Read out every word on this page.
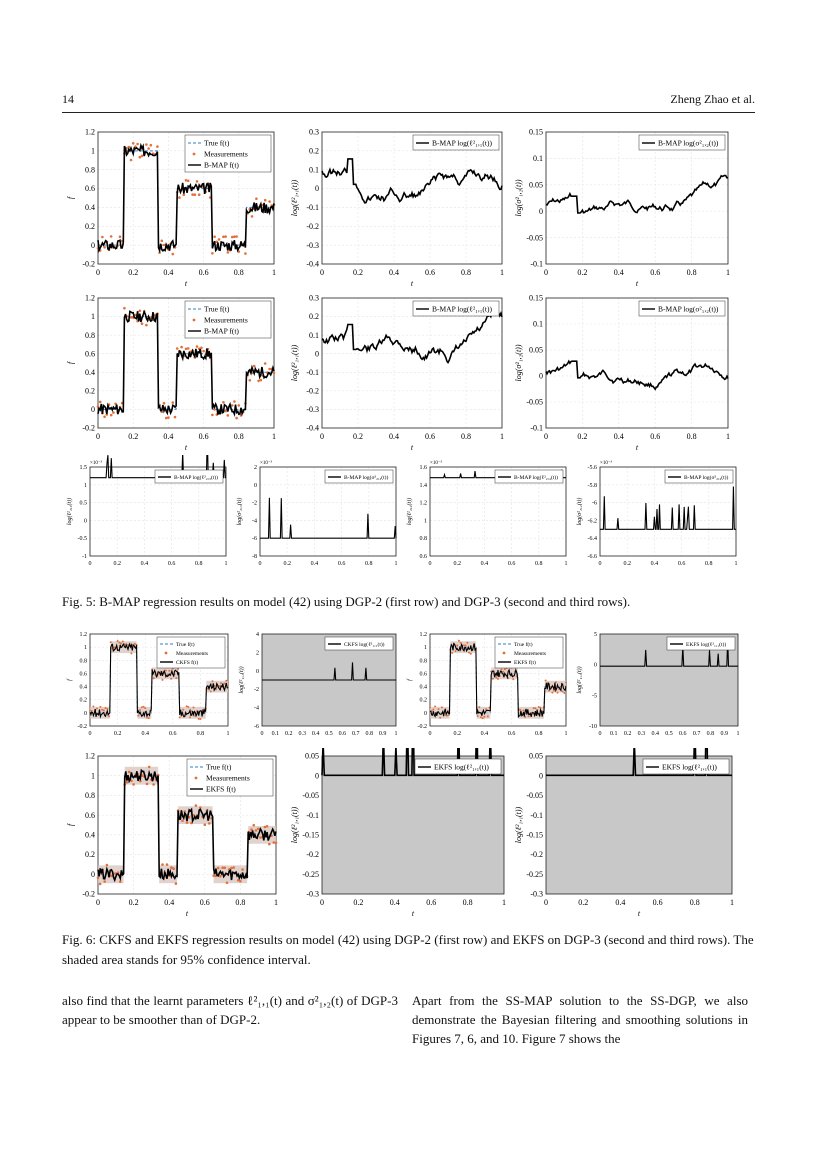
14	Zheng Zhao et al.
0	0.2	0.4	0.6	0.8	1
1.2
1
0.8
0.6
0.4
0.2
0
-0.2
t
f
True f(t)
Measurements
B-MAP f(t)
0	0.2	0.4	0.6	0.8	1
0.3
0.2
0.1
0
-0.1
-0.2
-0.3
-0.4
t
log(ℓ²₁,₁(t))
B-MAP log(ℓ²₁,₁(t))
0	0.2	0.4	0.6	0.8	1
0.15
0.1
0.05
0
-0.05
-0.1
t
log(σ²₁,₂(t))
B-MAP log(σ²₁,₂(t))
0	0.2	0.4	0.6	0.8	1
1.2
1
0.8
0.6
0.4
0.2
0
-0.2
t
f
True f(t)
Measurements
B-MAP f(t)
0	0.2	0.4	0.6	0.8	1
0.3
0.2
0.1
0
-0.1
-0.2
-0.3
-0.4
t
log(ℓ²₁,₁(t))
B-MAP log(ℓ²₁,₁(t))
0	0.2	0.4	0.6	0.8	1
0.15
0.1
0.05
0
-0.05
-0.1
t
log(σ²₁,₂(t))
B-MAP log(σ²₁,₂(t))
0	0.2	0.4	0.6	0.8	1
1.5
1
0.5
0
-0.5
-1
×10⁻³
log(ℓ²₂,₃(t))
B-MAP log(ℓ²₂,₃(t))
0	0.2	0.4	0.6	0.8	1
2
0
-2
-4
-6
-8
×10⁻³
log(σ²₂,₃(t))
B-MAP log(σ²₂,₃(t))
0	0.2	0.4	0.6	0.8	1
1.6
1.4
1.2
1
0.8
0.6
×10⁻³
log(ℓ²₂,₄(t))
B-MAP log(ℓ²₂,₄(t))
0	0.2	0.4	0.6	0.8	1
-5.6
-5.8
-6
-6.2
-6.4
-6.6
×10⁻³
log(σ²₂,₄(t))
B-MAP log(σ²₂,₄(t))
Fig. 5: B-MAP regression results on model (42) using DGP-2 (first row) and DGP-3 (second and third rows).
0	0.2	0.4	0.6	0.8	1
1.2
1
0.8
0.6
0.4
0.2
0
-0.2
f
True f(t)
Measurements
CKFS f(t)
0 0.1 0.2 0.3 0.4 0.5 0.6 0.7 0.8 0.9 1
4
2
0
-2
-4
-6
log(ℓ²₁,₁(t))
CKFS log(ℓ²₁,₁(t))
0	0.2	0.4	0.6	0.8	1
1.2
1
0.8
0.6
0.4
0.2
0
-0.2
f
True f(t)
Measurements
EKFS f(t)
0 0.1 0.2 0.3 0.4 0.5 0.6 0.7 0.8 0.9 1
5
0
-5
-10
log(ℓ²₁,₁(t))
EKFS log(ℓ²₁,₁(t))
0	0.2	0.4	0.6	0.8	1
1.2
1
0.8
0.6
0.4
0.2
0
-0.2
t
f
True f(t)
Measurements
EKFS f(t)
0	0.2	0.4	0.6	0.8	1
0.05
0
-0.05
-0.1
-0.15
-0.2
-0.25
-0.3
t
log(ℓ²₁,₁(t))
EKFS log(ℓ²₁,₁(t))
0	0.2	0.4	0.6	0.8	1
0.05
0
-0.05
-0.1
-0.15
-0.2
-0.25
-0.3
t
log(ℓ²₁,₁(t))
EKFS log(ℓ²₁,₁(t))
Fig. 6: CKFS and EKFS regression results on model (42) using DGP-2 (first row) and EKFS on DGP-3 (second and third rows). The shaded area stands for 95% confidence interval.
also find that the learnt parameters ℓ²₁,₁(t) and σ²₁,₂(t) of DGP-3 appear to be smoother than of DGP-2.
Apart from the SS-MAP solution to the SS-DGP, we also demonstrate the Bayesian filtering and smoothing solutions in Figures 7, 6, and 10. Figure 7 shows the
